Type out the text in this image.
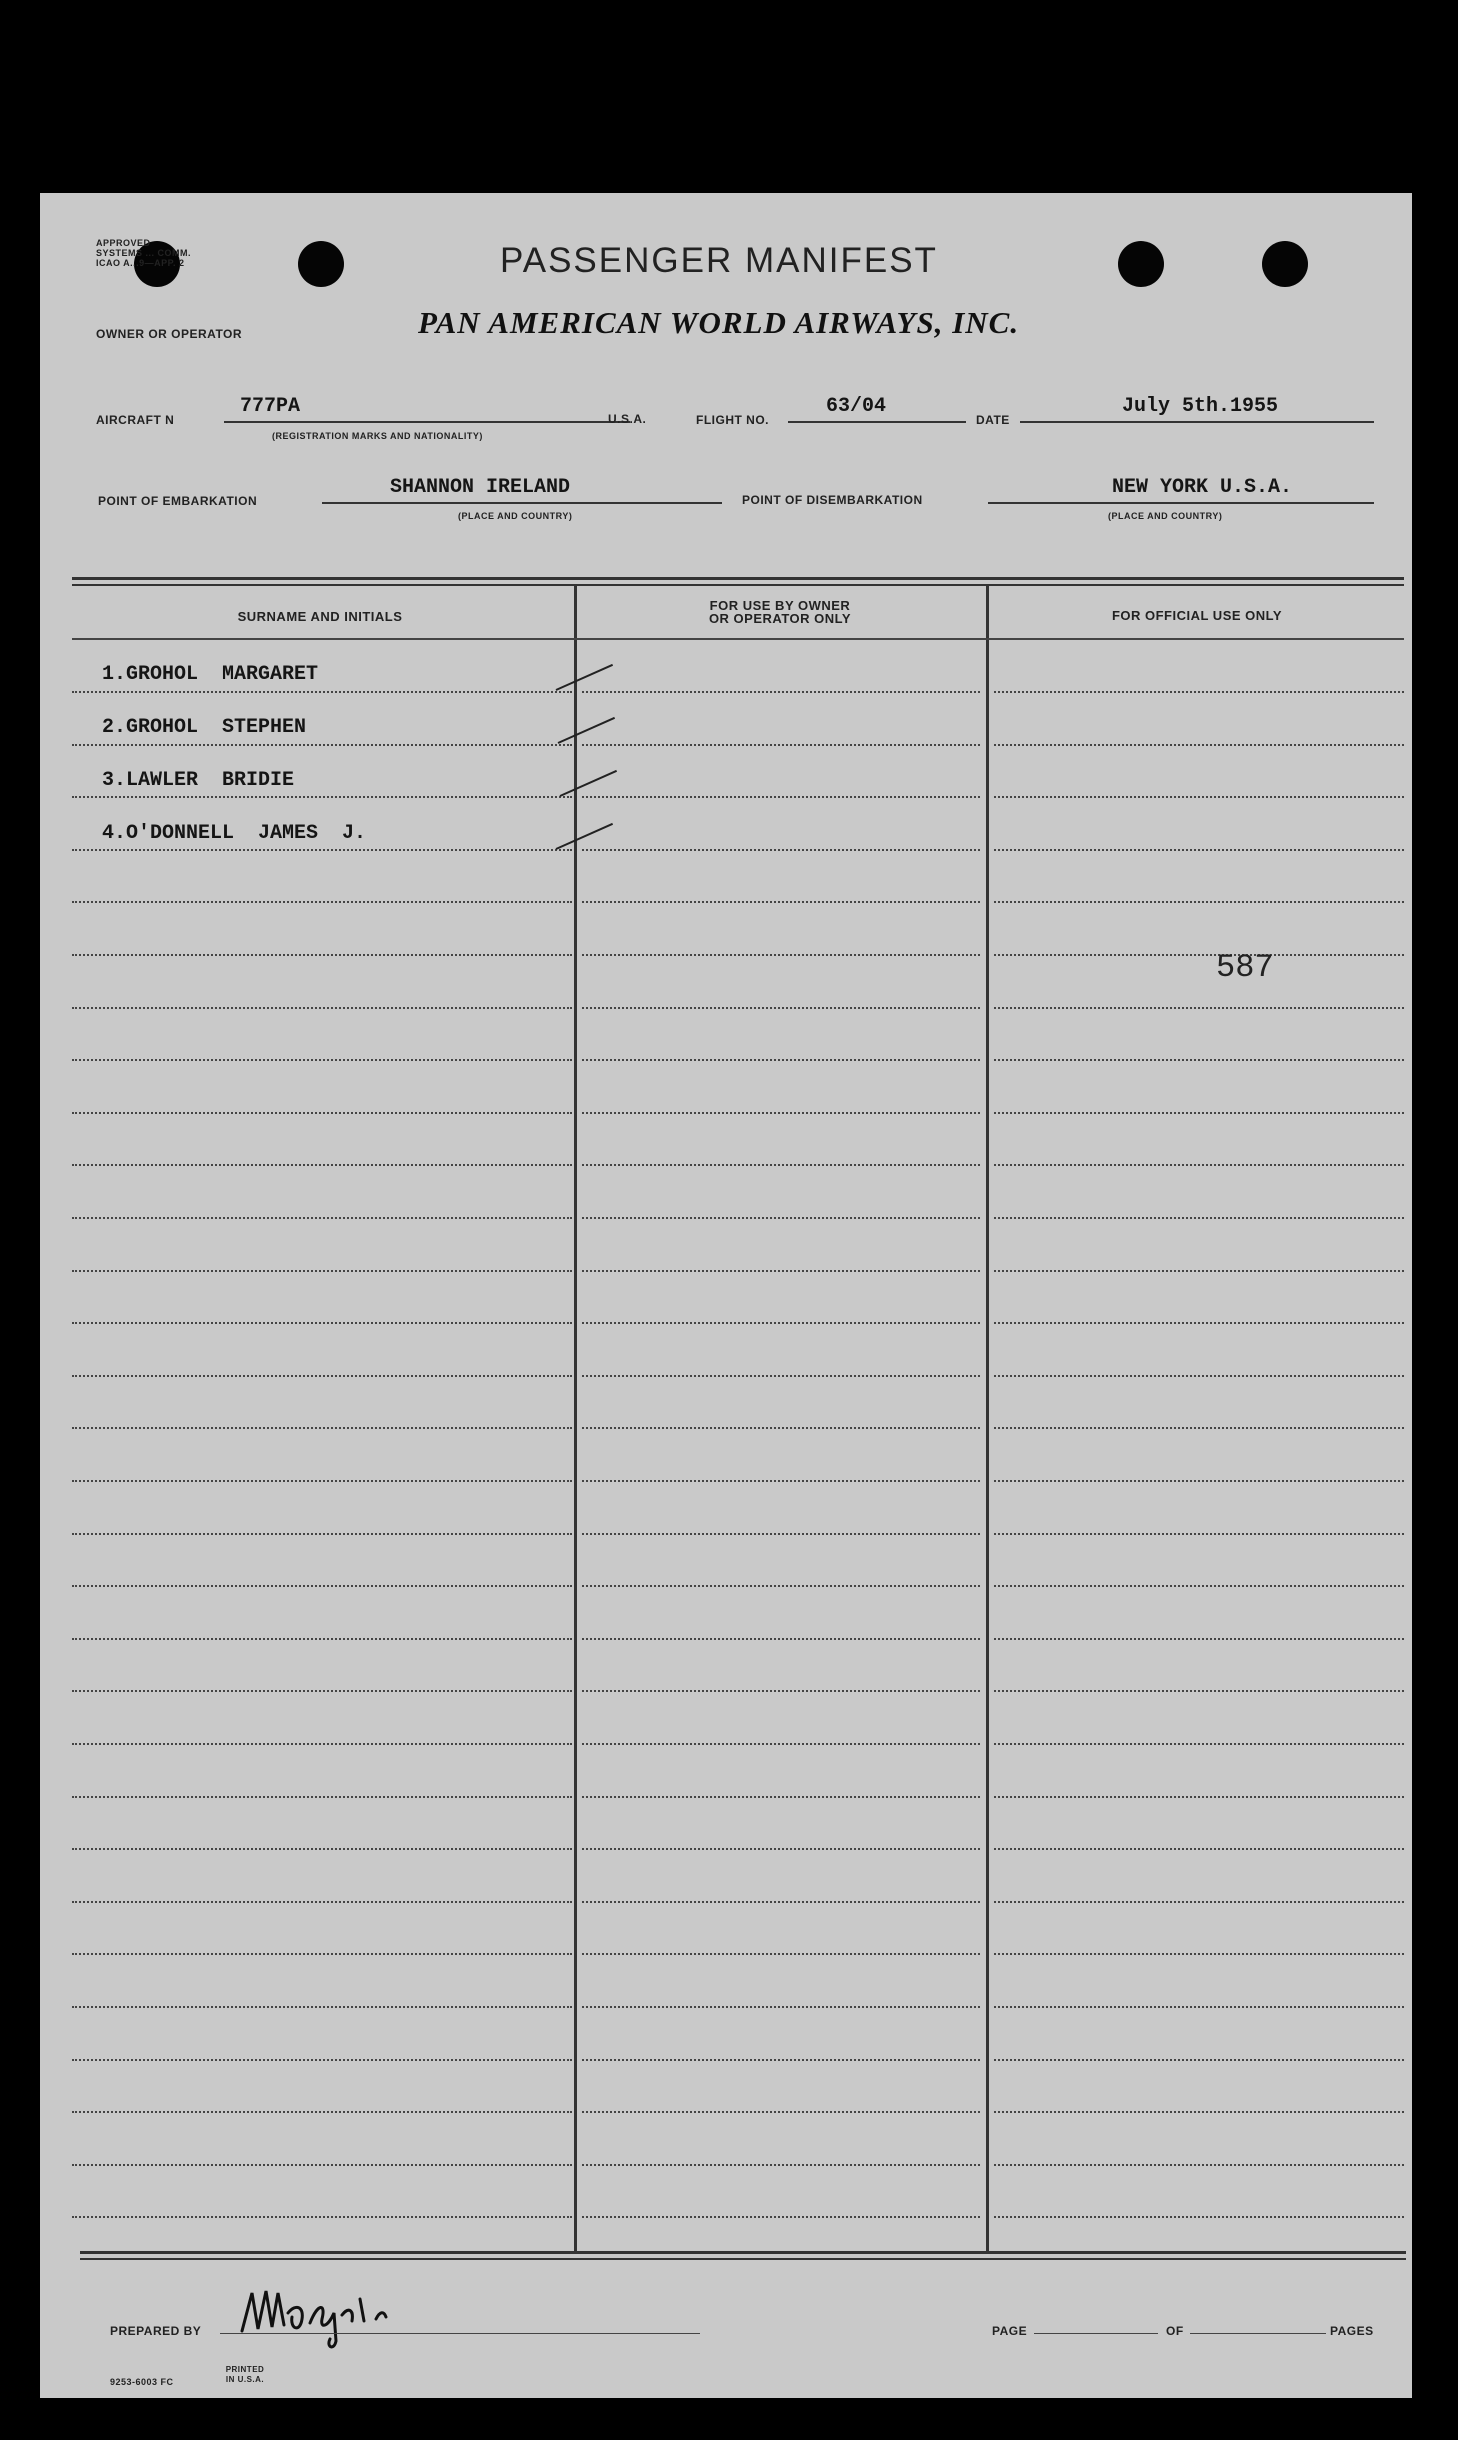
APPROVED
SYSTEMS ... COMM.
ICAO A...9—APP. 2	PASSENGER MANIFEST
OWNER OR OPERATOR	PAN AMERICAN WORLD AIRWAYS, INC.
AIRCRAFT N
777PA
(REGISTRATION MARKS AND NATIONALITY)
U.S.A.	FLIGHT NO.
63/04
DATE
July 5th.1955
POINT OF EMBARKATION
SHANNON IRELAND
(PLACE AND COUNTRY)
POINT OF DISEMBARKATION
NEW YORK U.S.A.
(PLACE AND COUNTRY)
SURNAME AND INITIALS
FOR USE BY OWNER
OR OPERATOR ONLY	FOR OFFICIAL USE ONLY
1.GROHOL  MARGARET
2.GROHOL  STEPHEN
3.LAWLER  BRIDIE
4.O'DONNELL  JAMES  J.
587
PREPARED BY	PAGE	OF	PAGES
9253-6003 FC
PRINTED IN U.S.A.
